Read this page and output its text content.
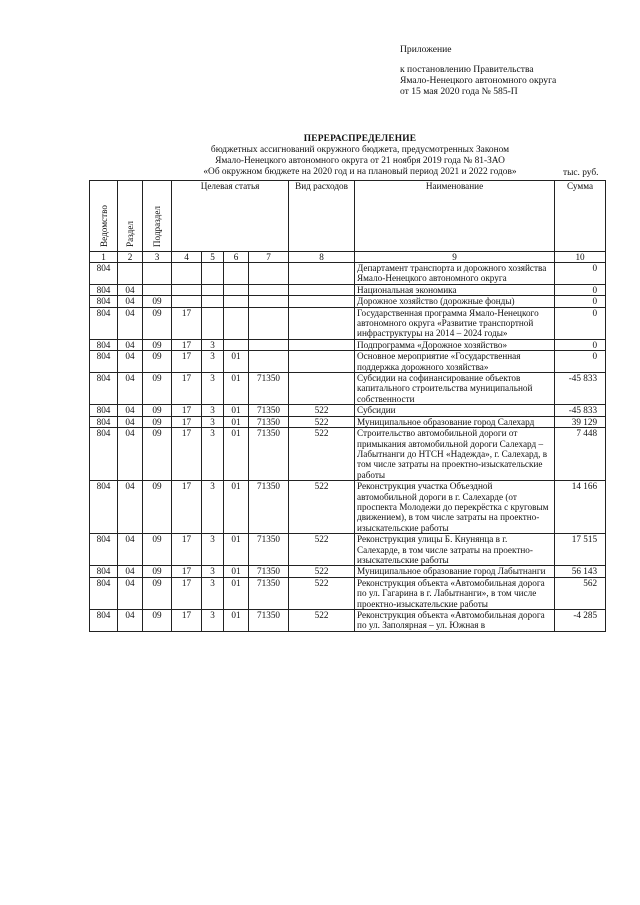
Приложение
к постановлению Правительства
Ямало-Ненецкого автономного округа
от 15 мая 2020 года № 585-П
ПЕРЕРАСПРЕДЕЛЕНИЕ
бюджетных ассигнований окружного бюджета, предусмотренных Законом
Ямало-Ненецкого автономного округа от 21 ноября 2019 года № 81-ЗАО
«Об окружном бюджете на 2020 год и на плановый период 2021 и 2022 годов»	тыс. руб.
Ведомство	Раздел	Подраздел	Целевая статья				Вид расходов	Наименование	Сумма
1	2	3	4	5	6	7	8	9	10
804								Департамент транспорта и дорожного хозяйства Ямало-Ненецкого автономного округа	0
804	04							Национальная экономика	0
804	04	09						Дорожное хозяйство (дорожные фонды)	0
804	04	09	17					Государственная программа Ямало-Ненецкого автономного округа «Развитие транспортной инфраструктуры на 2014 – 2024 годы»	0
804	04	09	17	3				Подпрограмма «Дорожное хозяйство»	0
804	04	09	17	3	01			Основное мероприятие «Государственная поддержка дорожного хозяйства»	0
804	04	09	17	3	01	71350		Субсидии на софинансирование объектов капитального строительства муниципальной собственности	-45 833
804	04	09	17	3	01	71350	522	Субсидии	-45 833
804	04	09	17	3	01	71350	522	Муниципальное образование город Салехард	39 129
804	04	09	17	3	01	71350	522	Строительство автомобильной дороги от примыкания автомобильной дороги Салехард – Лабытнанги до НТСН «Надежда», г. Салехард, в том числе затраты на проектно-изыскательские работы	7 448
804	04	09	17	3	01	71350	522	Реконструкция участка Объездной автомобильной дороги в г. Салехарде (от проспекта Молодежи до перекрёстка с круговым движением), в том числе затраты на проектно-изыскательские работы	14 166
804	04	09	17	3	01	71350	522	Реконструкция улицы Б. Кнунянца в г. Салехарде, в том числе затраты на проектно-изыскательские работы	17 515
804	04	09	17	3	01	71350	522	Муниципальное образование город Лабытнанги	56 143
804	04	09	17	3	01	71350	522	Реконструкция объекта «Автомобильная дорога по ул. Гагарина в г. Лабытнанги», в том числе проектно-изыскательские работы	562
804	04	09	17	3	01	71350	522	Реконструкция объекта «Автомобильная дорога по ул. Заполярная – ул. Южная в	-4 285
